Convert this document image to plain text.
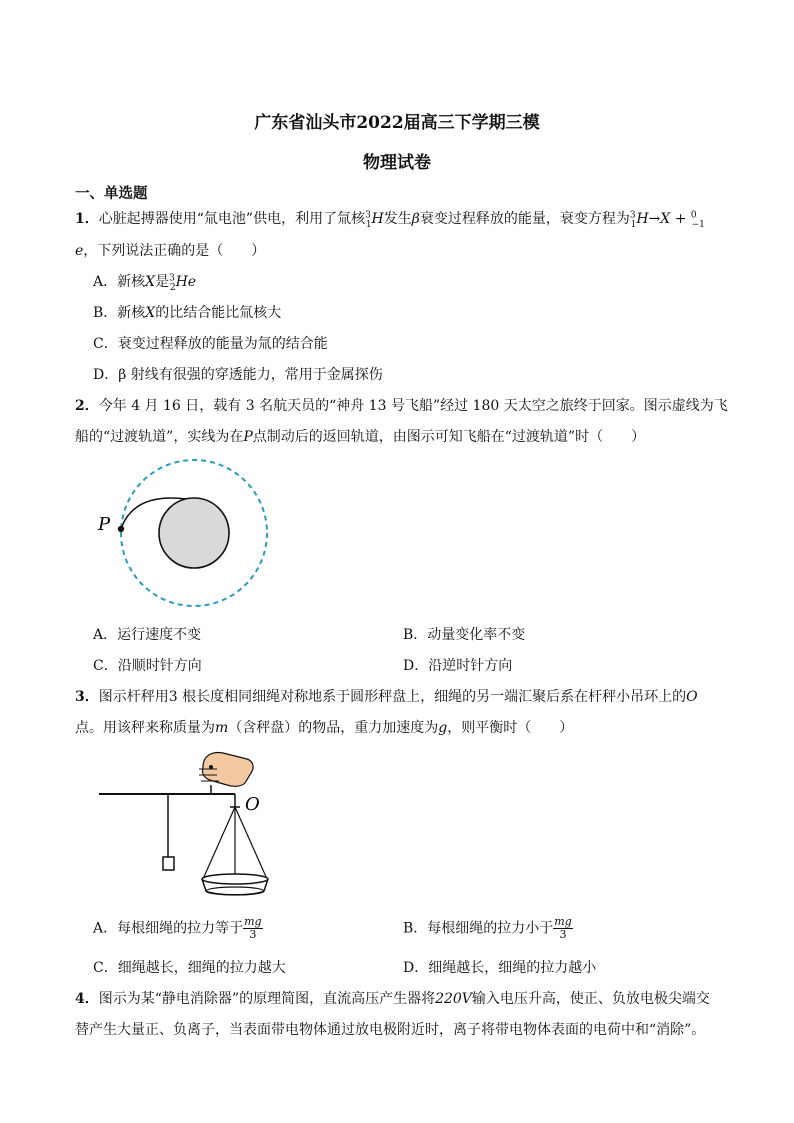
广东省汕头市2022届高三下学期三模
物理试卷
一、单选题
1．心脏起搏器使用“氚电池”供电，利用了氚核$^3_1$H发生β衰变过程释放的能量，衰变方程为$^3_1$H→X + $^0_{-1}$
e，下列说法正确的是（　　）
A．新核X是$^3_2$He
B．新核X的比结合能比氚核大
C．衰变过程释放的能量为氚的结合能
D．β 射线有很强的穿透能力，常用于金属探伤
2．今年 4 月 16 日，载有 3 名航天员的“神舟 13 号飞船”经过 180 天太空之旅终于回家。图示虚线为飞
船的“过渡轨道”，实线为在P点制动后的返回轨道，由图示可知飞船在“过渡轨道”时（　　）
P
A．运行速度不变	B．动量变化率不变
C．沿顺时针方向	D．沿逆时针方向
3．图示杆秤用3 根长度相同细绳对称地系于圆形秤盘上，细绳的另一端汇聚后系在杆秤小吊环上的O
点。用该秤来称质量为m（含秤盘）的物品，重力加速度为g，则平衡时（　　）
O
A．每根细绳的拉力等于 $\frac{mg}{3}$	B．每根细绳的拉力小于 $\frac{mg}{3}$
C．细绳越长，细绳的拉力越大	D．细绳越长，细绳的拉力越小
4．图示为某“静电消除器”的原理简图，直流高压产生器将220V输入电压升高，使正、负放电极尖端交
替产生大量正、负离子，当表面带电物体通过放电极附近时，离子将带电物体表面的电荷中和“消除”。
